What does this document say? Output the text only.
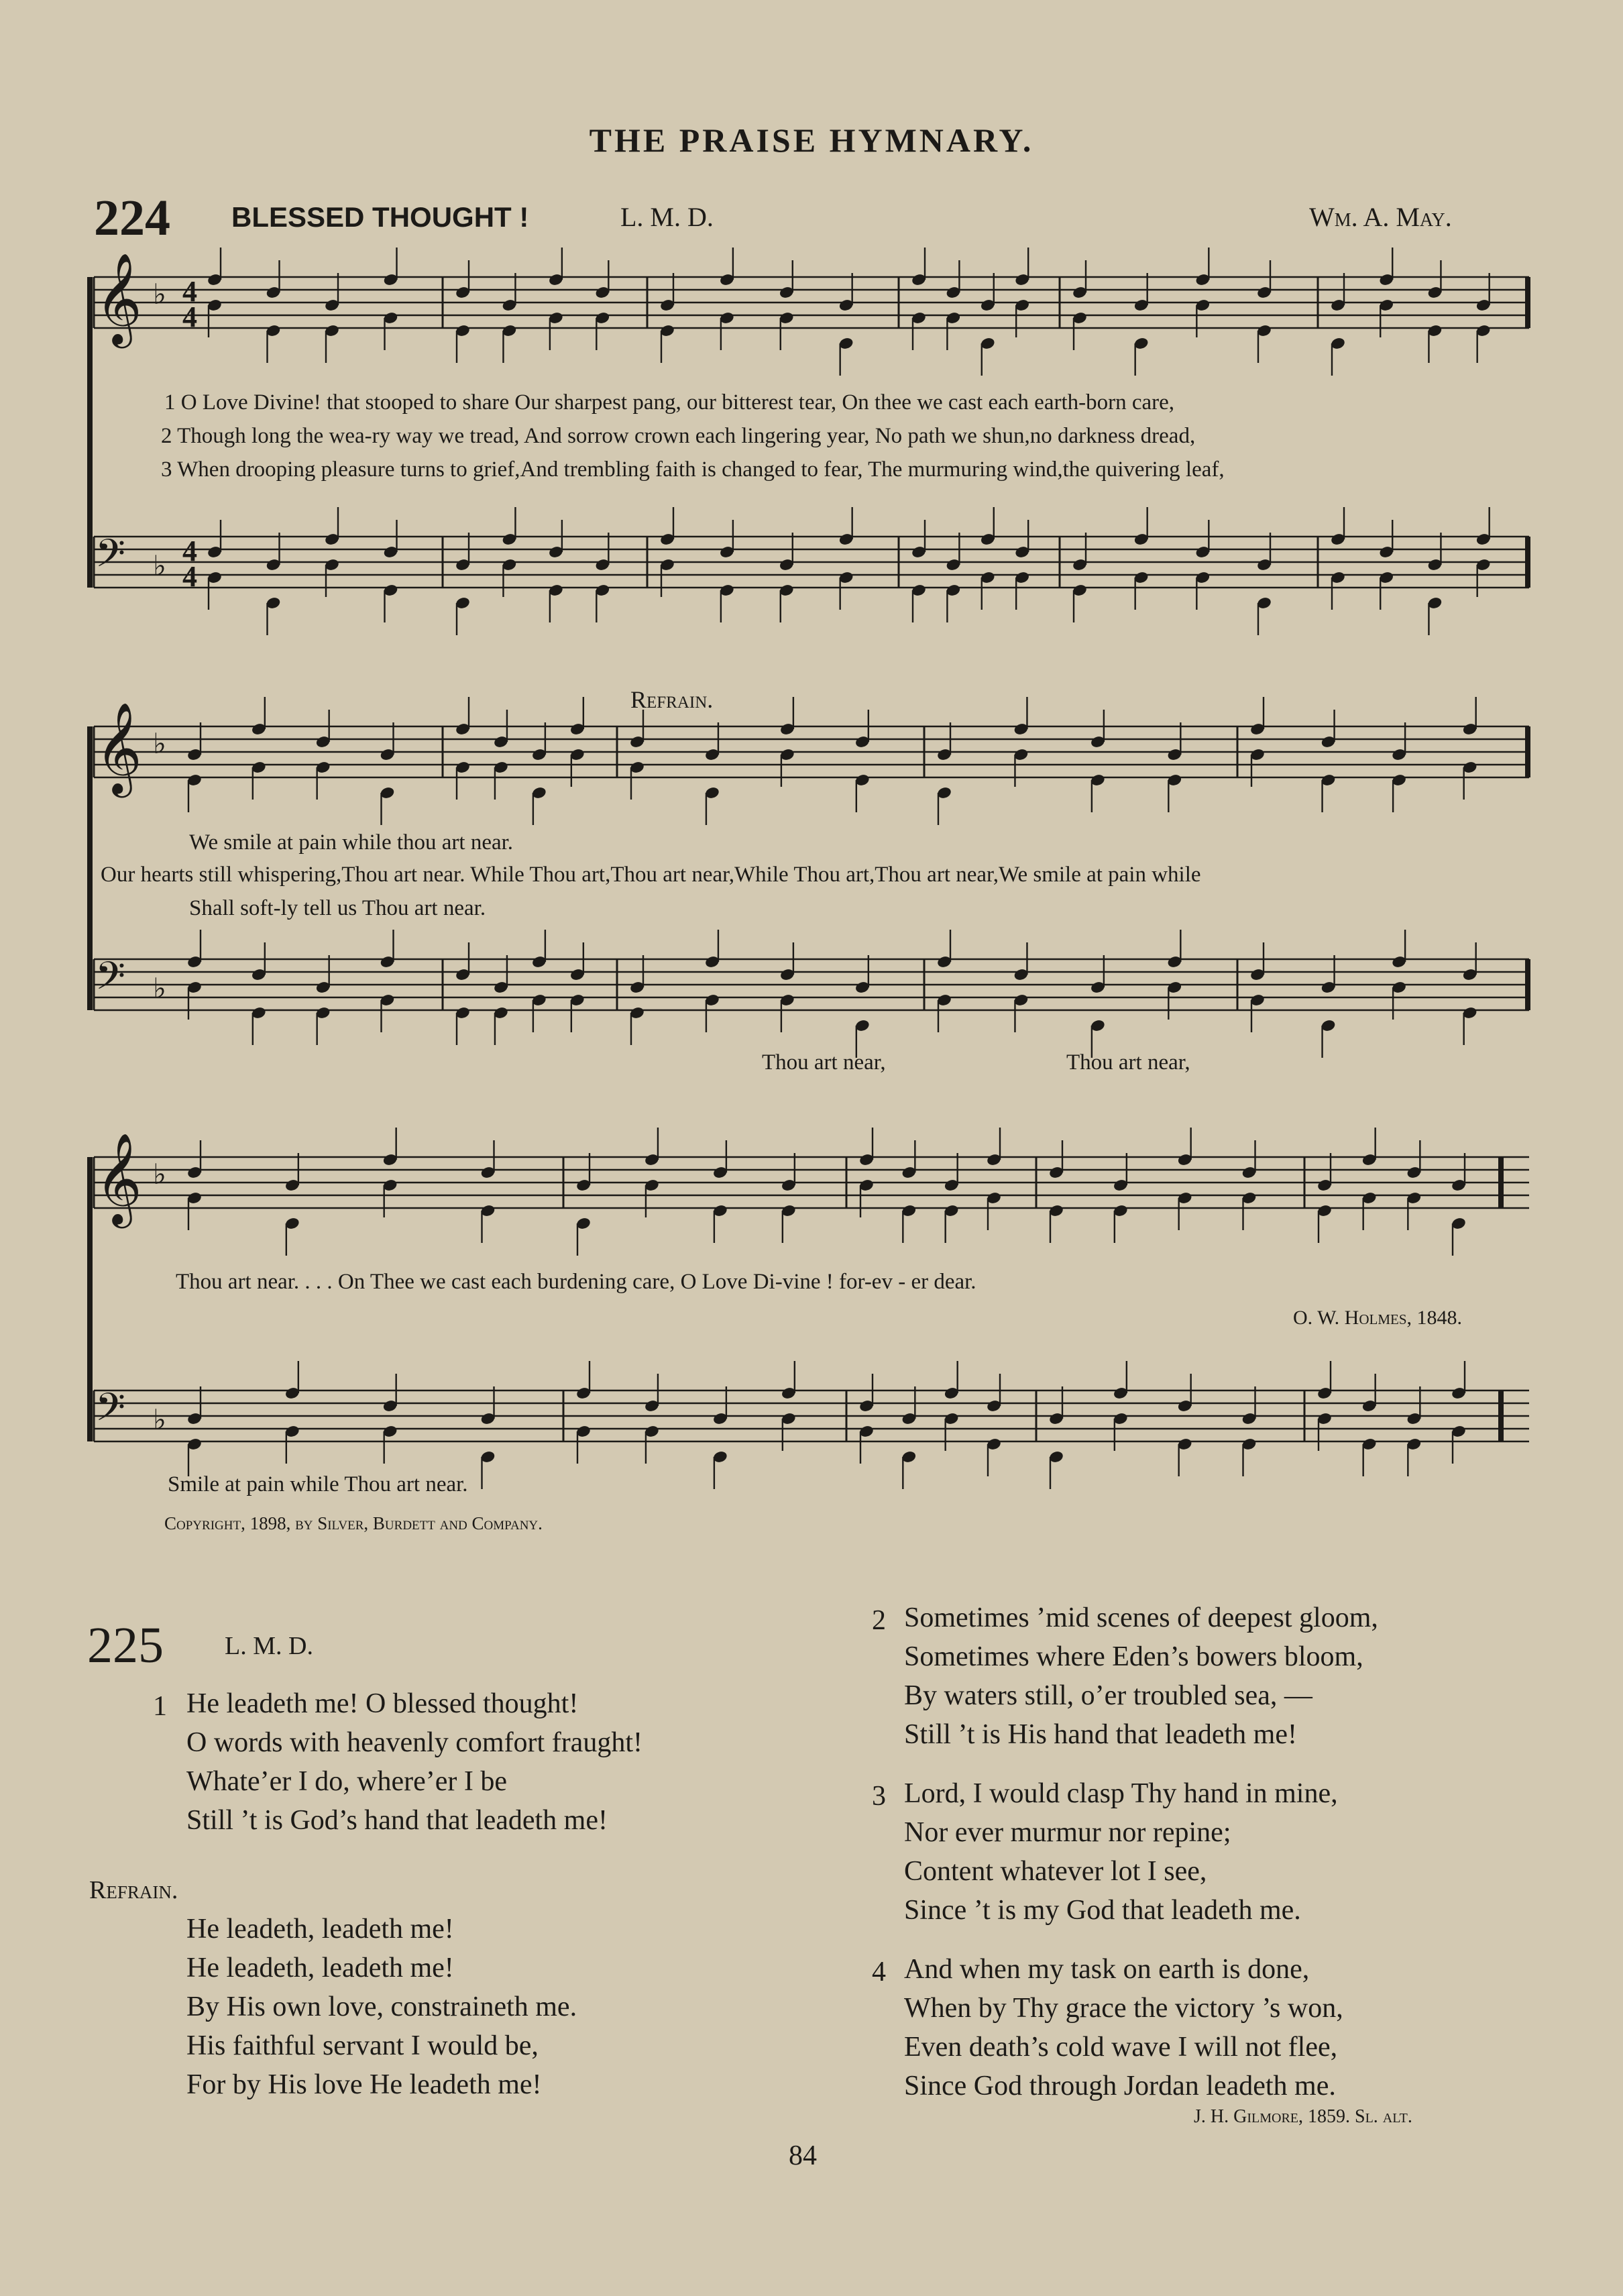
THE PRAISE HYMNARY.
224 BLESSED THOUGHT !	L. M. D.	Wm. A. May.
𝄞 ♭ 4
4
𝄢 ♭ 4
4
𝄞 ♭
𝄢 ♭
𝄞 ♭
𝄢 ♭
1 O Love Divine! that stooped to share Our sharpest pang, our bitterest tear, On thee we cast each earth-born care,
2 Though long the wea-ry way we tread, And sorrow crown each lingering year, No path we shun,no darkness dread,
3 When drooping pleasure turns to grief,And trembling faith is changed to fear, The murmuring wind,the quivering leaf,
Refrain.
We smile at pain while thou art near.
Our hearts still whispering,Thou art near. While Thou art,Thou art near,While Thou art,Thou art near,We smile at pain while
Shall soft-ly tell us Thou art near.
Thou art near,	Thou art near,
Thou art near. . . . On Thee we cast each burdening care, O Love Di-vine ! for-ev - er dear.
O. W. Holmes, 1848.
Smile at pain while Thou art near.
Copyright, 1898, by Silver, Burdett and Company.
225 L. M. D.
1 He leadeth me! O blessed thought!
O words with heavenly comfort fraught!
Whate’er I do, where’er I be
Still ’t is God’s hand that leadeth me!
Refrain.
He leadeth, leadeth me!
He leadeth, leadeth me!
By His own love, constraineth me.
His faithful servant I would be,
For by His love He leadeth me!
2 Sometimes ’mid scenes of deepest gloom,
Sometimes where Eden’s bowers bloom,
By waters still, o’er troubled sea, —
Still ’t is His hand that leadeth me!
3 Lord, I would clasp Thy hand in mine,
Nor ever murmur nor repine;
Content whatever lot I see,
Since ’t is my God that leadeth me.
4 And when my task on earth is done,
When by Thy grace the victory ’s won,
Even death’s cold wave I will not flee,
Since God through Jordan leadeth me.
J. H. Gilmore, 1859. Sl. alt.
84
